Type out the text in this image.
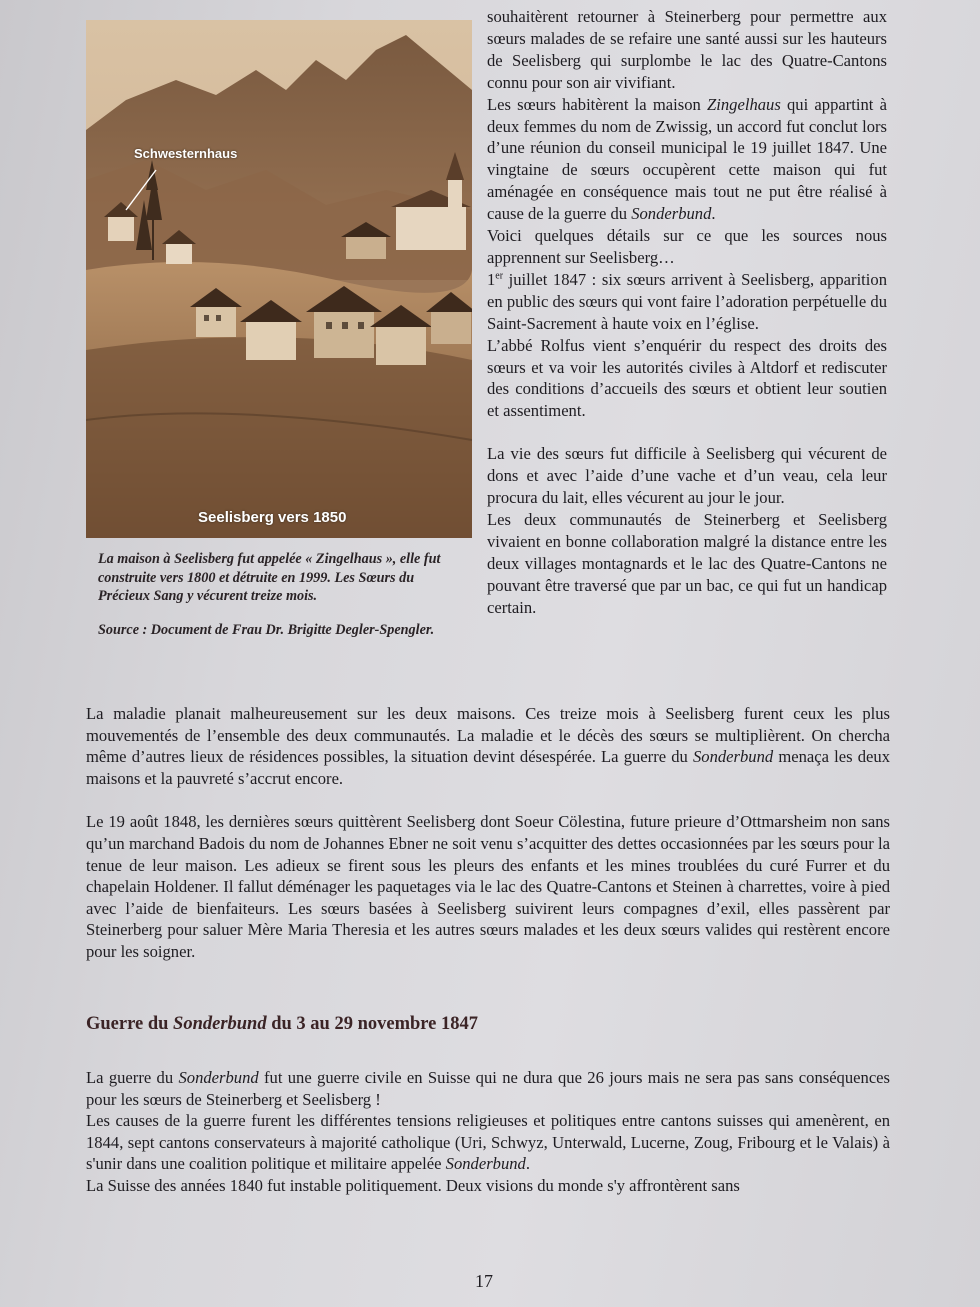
Schwesternhaus
Seelisberg vers 1850

La maison à Seelisberg fut appelée « Zingelhaus », elle fut construite vers 1800 et détruite en 1999. Les Sœurs du Précieux Sang y vécurent treize mois.

Source : Document de Frau Dr. Brigitte Degler-Spengler.

souhaitèrent retourner à Steinerberg pour permettre aux sœurs malades de se refaire une santé aussi sur les hauteurs de Seelisberg qui surplombe le lac des Quatre-Cantons connu pour son air vivifiant.

Les sœurs habitèrent la maison Zingelhaus qui appartint à deux femmes du nom de Zwissig, un accord fut conclut lors d’une réunion du conseil municipal le 19 juillet 1847. Une vingtaine de sœurs occupèrent cette maison qui fut aménagée en conséquence mais tout ne put être réalisé à cause de la guerre du Sonderbund.

Voici quelques détails sur ce que les sources nous apprennent sur Seelisberg…

1er juillet 1847 : six sœurs arrivent à Seelisberg, apparition en public des sœurs qui vont faire l’adoration perpétuelle du Saint-Sacrement à haute voix en l’église.

L’abbé Rolfus vient s’enquérir du respect des droits des sœurs et va voir les autorités civiles à Altdorf et rediscuter des conditions d’accueils des sœurs et obtient leur soutien et assentiment.

La vie des sœurs fut difficile à Seelisberg qui vécurent de dons et avec l’aide d’une vache et d’un veau, cela leur procura du lait, elles vécurent au jour le jour.

Les deux communautés de Steinerberg et Seelisberg vivaient en bonne collaboration malgré la distance entre les deux villages montagnards et le lac des Quatre-Cantons ne pouvant être traversé que par un bac, ce qui fut un handicap certain.

La maladie planait malheureusement sur les deux maisons. Ces treize mois à Seelisberg furent ceux les plus mouvementés de l’ensemble des deux communautés. La maladie et le décès des sœurs se multiplièrent. On chercha même d’autres lieux de résidences possibles, la situation devint désespérée. La guerre du Sonderbund menaça les deux maisons et la pauvreté s’accrut encore.

Le 19 août 1848, les dernières sœurs quittèrent Seelisberg dont Soeur Cölestina, future prieure d’Ottmarsheim non sans qu’un marchand Badois du nom de Johannes Ebner ne soit venu s’acquitter des dettes occasionnées par les sœurs pour la tenue de leur maison. Les adieux se firent sous les pleurs des enfants et les mines troublées du curé Furrer et du chapelain Holdener. Il fallut déménager les paquetages via le lac des Quatre-Cantons et Steinen à charrettes, voire à pied avec l’aide de bienfaiteurs. Les sœurs basées à Seelisberg suivirent leurs compagnes d’exil, elles passèrent par Steinerberg pour saluer Mère Maria Theresia et les autres sœurs malades et les deux sœurs valides qui restèrent encore pour les soigner.

Guerre du Sonderbund du 3 au 29 novembre 1847

La guerre du Sonderbund fut une guerre civile en Suisse qui ne dura que 26 jours mais ne sera pas sans conséquences pour les sœurs de Steinerberg et Seelisberg !

Les causes de la guerre furent les différentes tensions religieuses et politiques entre cantons suisses qui amenèrent, en 1844, sept cantons conservateurs à majorité catholique (Uri, Schwyz, Unterwald, Lucerne, Zoug, Fribourg et le Valais) à s'unir dans une coalition politique et militaire appelée Sonderbund.

La Suisse des années 1840 fut instable politiquement. Deux visions du monde s'y affrontèrent sans

17
